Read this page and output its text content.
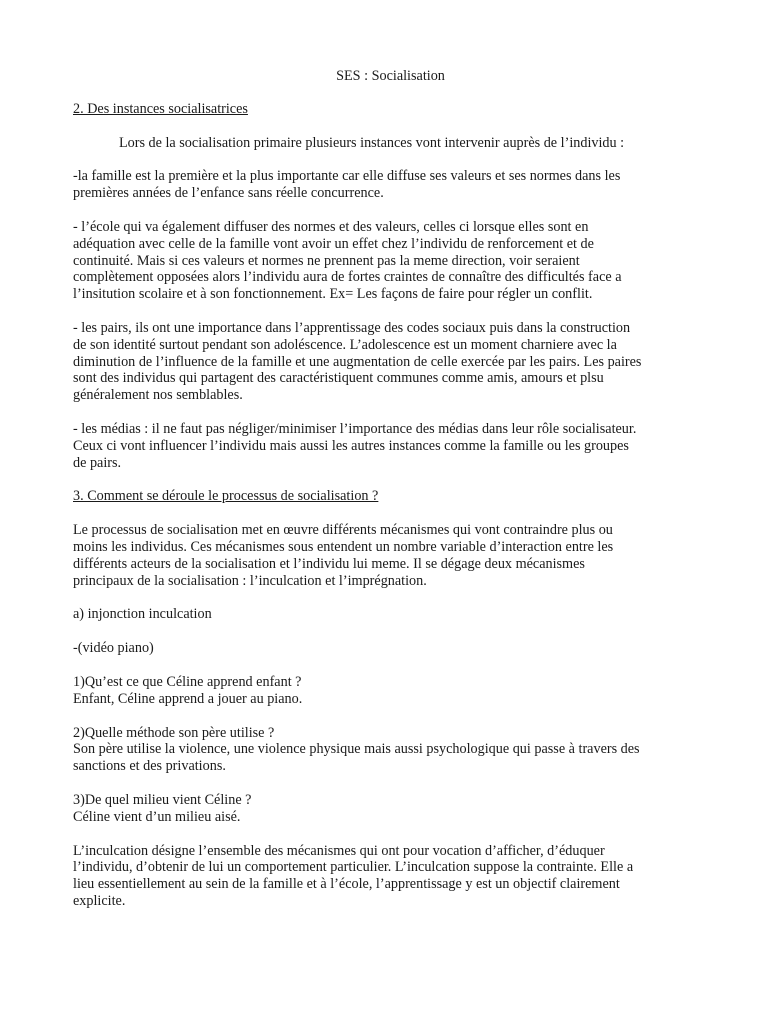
SES : Socialisation
2. Des instances socialisatrices
Lors de la socialisation primaire plusieurs instances vont intervenir auprès de l’individu :
-la famille est la première et la plus importante car elle diffuse ses valeurs et ses normes dans les
premières années de l’enfance sans réelle concurrence.
- l’école qui va également diffuser des normes et des valeurs, celles ci lorsque elles sont en
adéquation avec celle de la famille vont avoir un effet chez l’individu de renforcement et de
continuité. Mais si ces valeurs et normes ne prennent pas la meme direction, voir seraient
complètement opposées alors l’individu aura de fortes craintes de connaître des difficultés face a
l’insitution scolaire et à son fonctionnement. Ex= Les façons de faire pour régler un conflit.
- les pairs, ils ont une importance dans l’apprentissage des codes sociaux puis dans la construction
de son identité surtout pendant son adoléscence. L’adolescence est un moment charniere avec la
diminution de l’influence de la famille et une augmentation de celle exercée par les pairs. Les paires
sont des individus qui partagent des caractéristiquent communes comme amis, amours et plsu
généralement nos semblables.
- les médias : il ne faut pas négliger/minimiser l’importance des médias dans leur rôle socialisateur.
Ceux ci vont influencer l’individu mais aussi les autres instances comme la famille ou les groupes
de pairs.
3. Comment se déroule le processus de socialisation ?
Le processus de socialisation met en œuvre différents mécanismes qui vont contraindre plus ou
moins les individus. Ces mécanismes sous entendent un nombre variable d’interaction entre les
différents acteurs de la socialisation et l’individu lui meme. Il se dégage deux mécanismes
principaux de la socialisation : l’inculcation et l’imprégnation.
a) injonction inculcation
-(vidéo piano)
1)Qu’est ce que Céline apprend enfant ?
Enfant, Céline apprend a jouer au piano.
2)Quelle méthode son père utilise ?
Son père utilise la violence, une violence physique mais aussi psychologique qui passe à travers des
sanctions et des privations.
3)De quel milieu vient Céline ?
Céline vient d’un milieu aisé.
L’inculcation désigne l’ensemble des mécanismes qui ont pour vocation d’afficher, d’éduquer
l’individu, d’obtenir de lui un comportement particulier. L’inculcation suppose la contrainte. Elle a
lieu essentiellement au sein de la famille et à l’école, l’apprentissage y est un objectif clairement
explicite.
